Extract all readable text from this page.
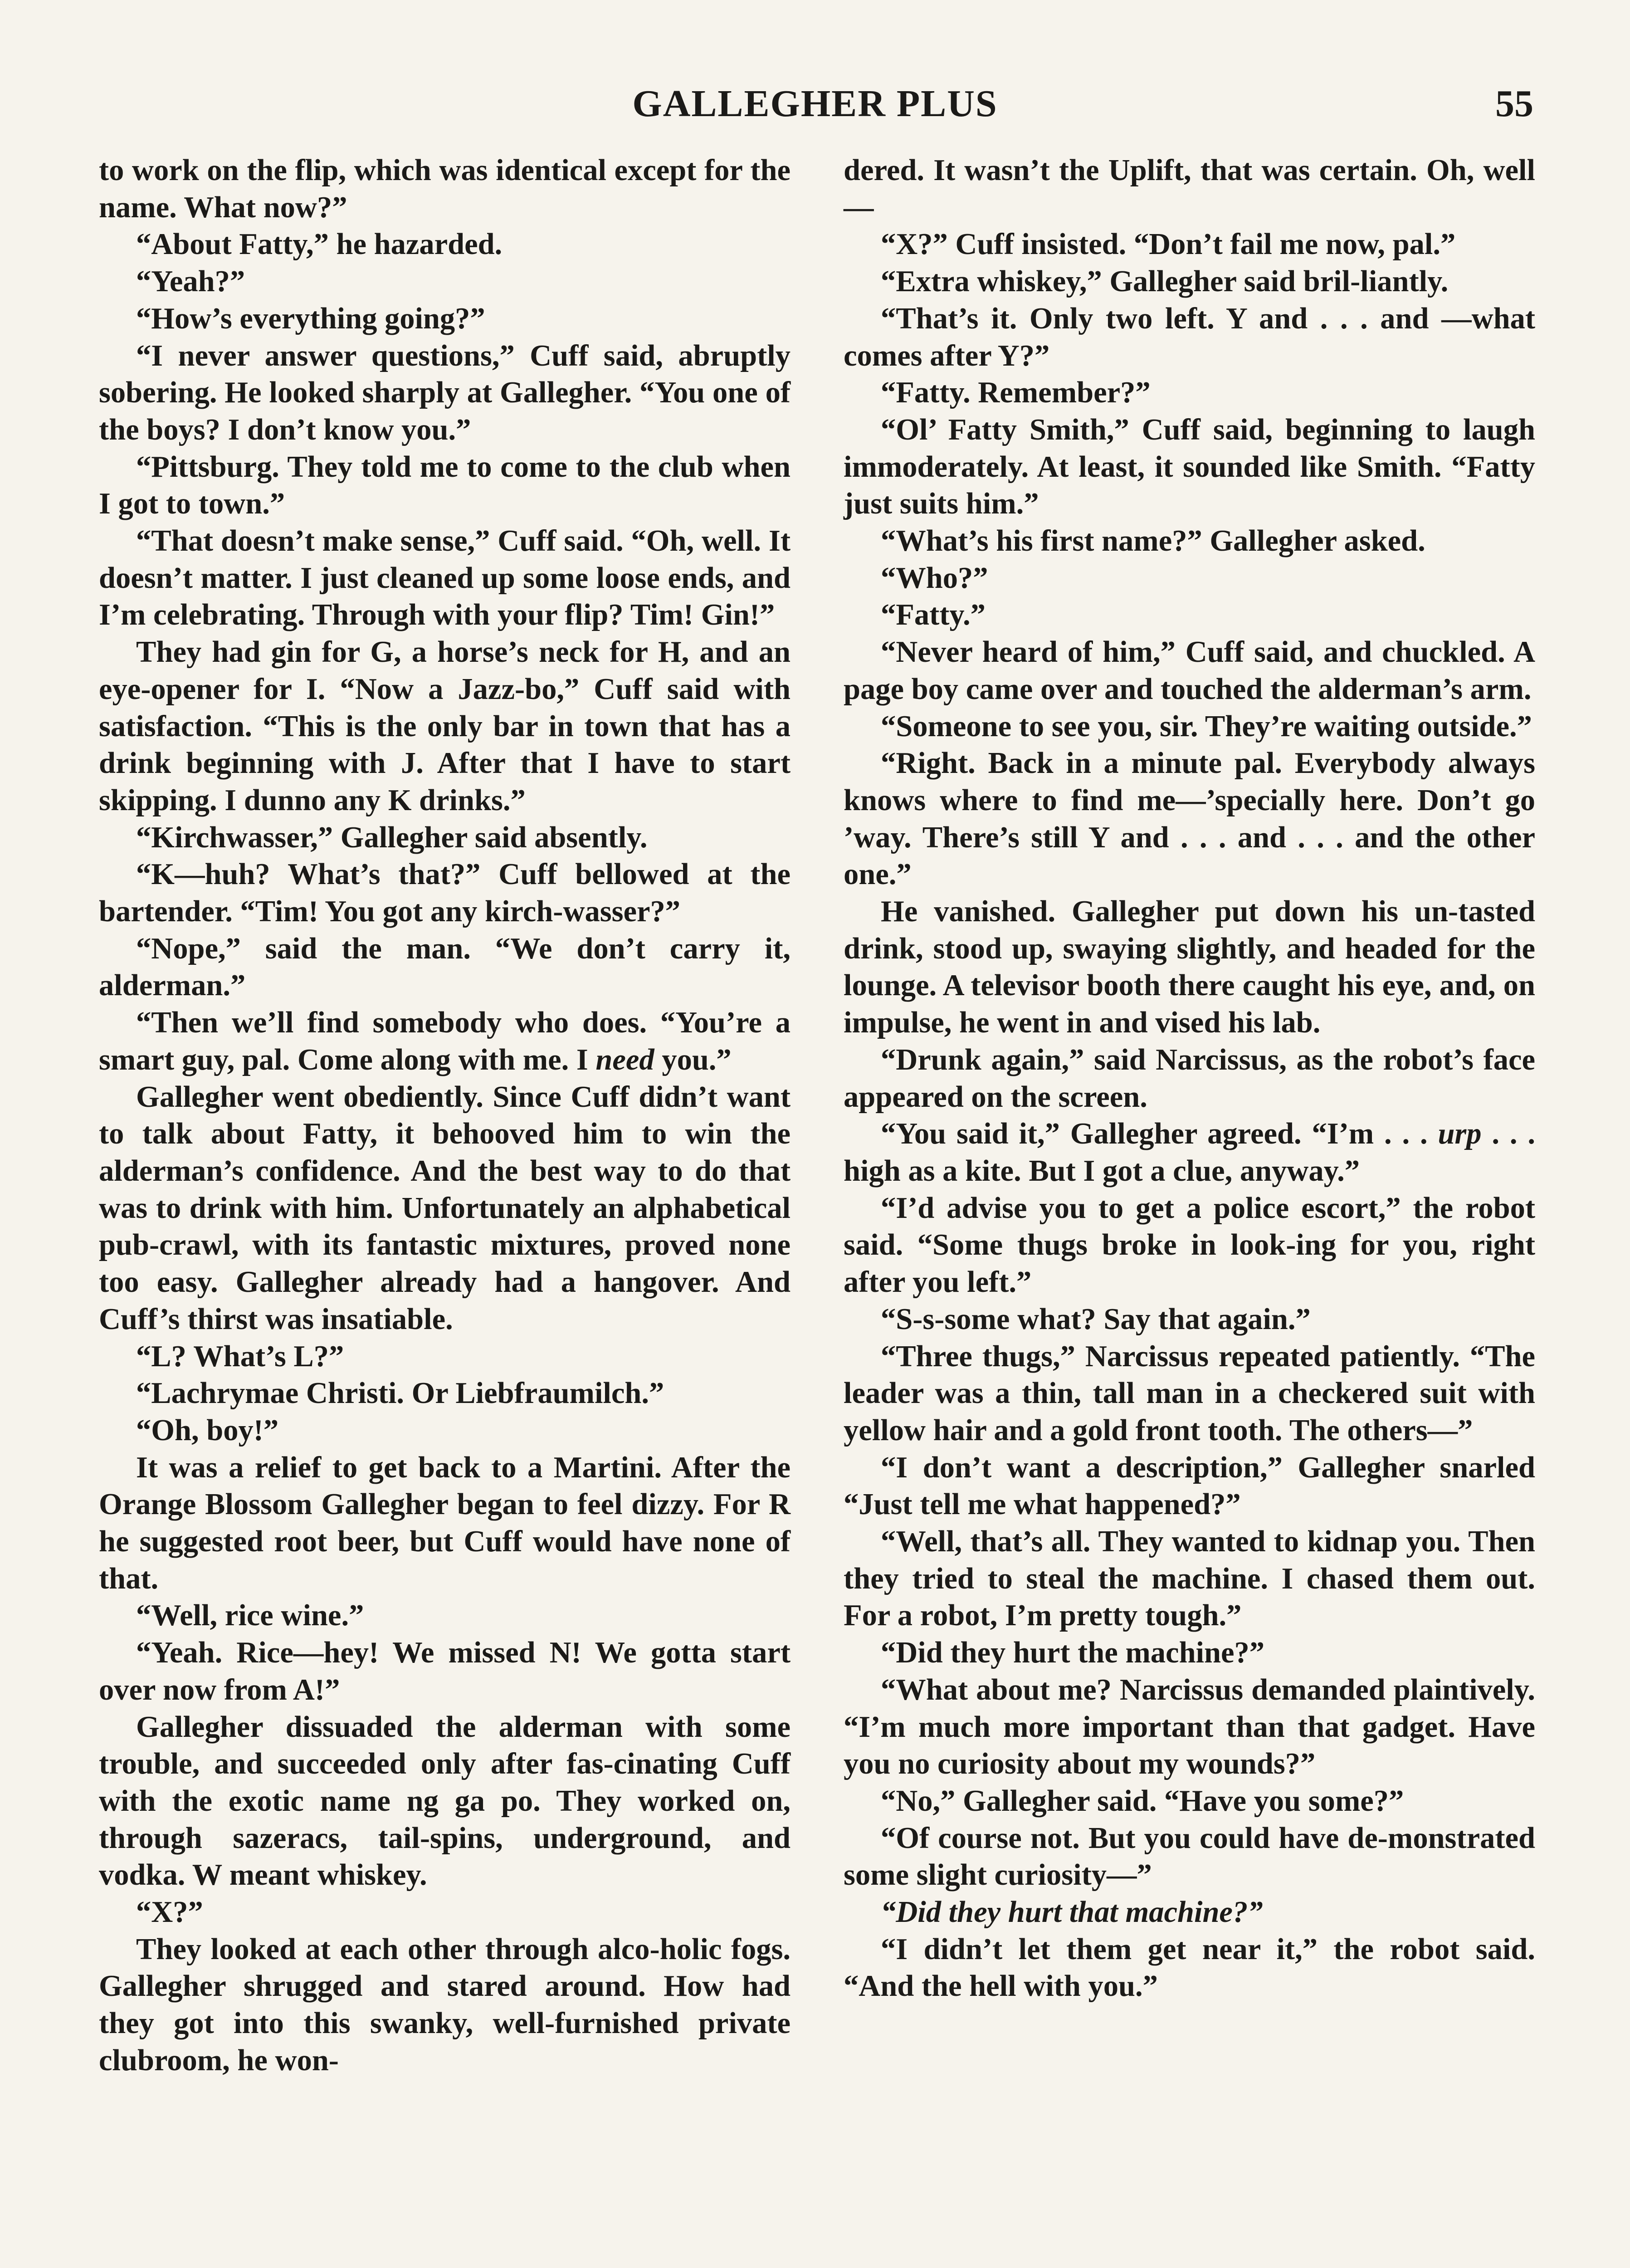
GALLEGHER PLUS	55

to work on the flip, which was identical except for the name. What now?”

“About Fatty,” he hazarded.

“Yeah?”

“How’s everything going?”

“I never answer questions,” Cuff said, abruptly sobering. He looked sharply at Gallegher. “You one of the boys? I don’t know you.”

“Pittsburg. They told me to come to the club when I got to town.”

“That doesn’t make sense,” Cuff said. “Oh, well. It doesn’t matter. I just cleaned up some loose ends, and I’m celebrating. Through with your flip? Tim! Gin!”

They had gin for G, a horse’s neck for H, and an eye-opener for I. “Now a Jazz-bo,” Cuff said with satisfaction. “This is the only bar in town that has a drink beginning with J. After that I have to start skipping. I dunno any K drinks.”

“Kirchwasser,” Gallegher said absently.

“K—huh? What’s that?” Cuff bellowed at the bartender. “Tim! You got any kirch-wasser?”

“Nope,” said the man. “We don’t carry it, alderman.”

“Then we’ll find somebody who does. “You’re a smart guy, pal. Come along with me. I need you.”

Gallegher went obediently. Since Cuff didn’t want to talk about Fatty, it behooved him to win the alderman’s confidence. And the best way to do that was to drink with him. Unfortunately an alphabetical pub-crawl, with its fantastic mixtures, proved none too easy. Gallegher already had a hangover. And Cuff’s thirst was insatiable.

“L? What’s L?”

“Lachrymae Christi. Or Liebfraumilch.”

“Oh, boy!”

It was a relief to get back to a Martini. After the Orange Blossom Gallegher began to feel dizzy. For R he suggested root beer, but Cuff would have none of that.

“Well, rice wine.”

“Yeah. Rice—hey! We missed N! We gotta start over now from A!”

Gallegher dissuaded the alderman with some trouble, and succeeded only after fas-cinating Cuff with the exotic name ng ga po. They worked on, through sazeracs, tail-spins, underground, and vodka. W meant whiskey.

“X?”

They looked at each other through alco-holic fogs. Gallegher shrugged and stared around. How had they got into this swanky, well-furnished private clubroom, he won-

dered. It wasn’t the Uplift, that was certain. Oh, well—

“X?” Cuff insisted. “Don’t fail me now, pal.”

“Extra whiskey,” Gallegher said bril-liantly.

“That’s it. Only two left. Y and . . . and —what comes after Y?”

“Fatty. Remember?”

“Ol’ Fatty Smith,” Cuff said, beginning to laugh immoderately. At least, it sounded like Smith. “Fatty just suits him.”

“What’s his first name?” Gallegher asked.

“Who?”

“Fatty.”

“Never heard of him,” Cuff said, and chuckled. A page boy came over and touched the alderman’s arm.

“Someone to see you, sir. They’re waiting outside.”

“Right. Back in a minute pal. Everybody always knows where to find me—’specially here. Don’t go ’way. There’s still Y and . . . and . . . and the other one.”

He vanished. Gallegher put down his un-tasted drink, stood up, swaying slightly, and headed for the lounge. A televisor booth there caught his eye, and, on impulse, he went in and vised his lab.

“Drunk again,” said Narcissus, as the robot’s face appeared on the screen.

“You said it,” Gallegher agreed. “I’m . . . urp . . . high as a kite. But I got a clue, anyway.”

“I’d advise you to get a police escort,” the robot said. “Some thugs broke in look-ing for you, right after you left.”

“S-s-some what? Say that again.”

“Three thugs,” Narcissus repeated patiently. “The leader was a thin, tall man in a checkered suit with yellow hair and a gold front tooth. The others—”

“I don’t want a description,” Gallegher snarled “Just tell me what happened?”

“Well, that’s all. They wanted to kidnap you. Then they tried to steal the machine. I chased them out. For a robot, I’m pretty tough.”

“Did they hurt the machine?”

“What about me? Narcissus demanded plaintively. “I’m much more important than that gadget. Have you no curiosity about my wounds?”

“No,” Gallegher said. “Have you some?”

“Of course not. But you could have de-monstrated some slight curiosity—”

“Did they hurt that machine?”

“I didn’t let them get near it,” the robot said. “And the hell with you.”
